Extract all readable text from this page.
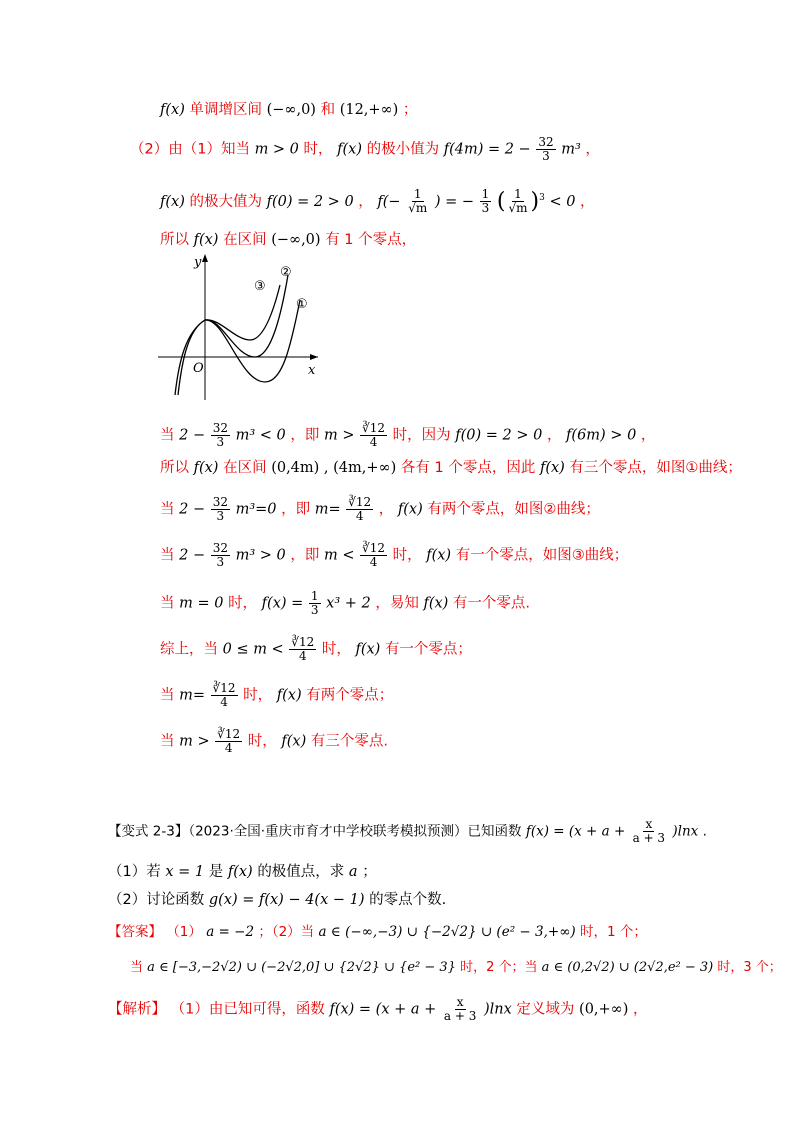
f(x) 单调增区间 (−∞,0) 和 (12,+∞) ；
（2）由（1）知当 m > 0 时， f(x) 的极小值为 $f(4m) = 2 - \frac{32}{3} m^3$ ，
f(x) 的极大值为 f(0) = 2 > 0 ， $f(- \frac{1}{√m}$ ) = − $\frac{1}{3}$ ( $\frac{1}{√m} )^3 < 0$ ，
所以 f(x) 在区间 (−∞,0) 有 1 个零点，
y
x
O
①
②
③
当 $2 - \frac{32}{3} m^3 < 0$ ，即 $m > \frac{∛12}{4}$ 时，因为 f(0) = 2 > 0 ， f(6m) > 0 ，
所以 f(x) 在区间 (0,4m) , (4m,+∞) 各有 1 个零点，因此 f(x) 有三个零点，如图①曲线；
当 $2 - \frac{32}{3} m^3=0$ ，即 $m= \frac{∛12}{4}$ ， f(x) 有两个零点，如图②曲线；
当 $2 - \frac{32}{3} m^3 > 0$ ，即 $m < \frac{∛12}{4}$ 时， f(x) 有一个零点，如图③曲线；
当 m = 0 时， $f(x) = \frac{1}{3} x^3 + 2$ ，易知 f(x) 有一个零点.
综上，当 $0 \le m < \frac{∛12}{4}$ 时， f(x) 有一个零点；
当 $m= \frac{∛12}{4}$ 时， f(x) 有两个零点；
当 $m > \frac{∛12}{4}$ 时， f(x) 有三个零点.
【变式 2-3】（2023·全国·重庆市育才中学校联考模拟预测）已知函数 $f(x) = (x + a + \frac{x}{a + 3} )\ln x$ .
（1）若 x = 1 是 f(x) 的极值点，求 a ；
（2）讨论函数 g(x) = f(x) − 4(x − 1) 的零点个数.
【答案】 （1） a = −2 ；（2）当 a ∈ (−∞,−3) ∪ {−2√2} ∪ (e² − 3,+∞) 时，1 个；
当 a ∈ [−3,−2√2) ∪ (−2√2,0] ∪ {2√2} ∪ {e² − 3} 时，2 个；当 a ∈ (0,2√2) ∪ (2√2,e² − 3) 时，3 个；
【解析】 （1）由已知可得，函数 $f(x) = (x + a + \frac{x}{a + 3} )\ln x$ 定义域为 (0,+∞) ，
